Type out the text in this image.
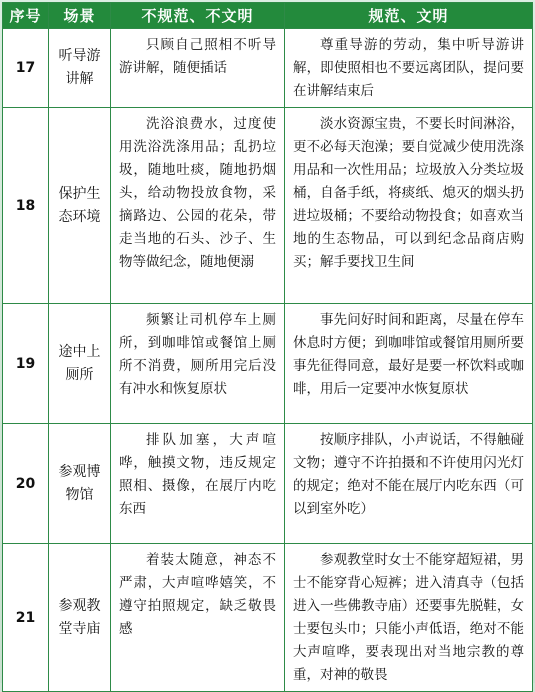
序号	场景	不规范、不文明	规范、文明
17	听导游讲解	只顾自己照相不听导游讲解，随便插话	尊重导游的劳动，集中听导游讲解，即使照相也不要远离团队，提问要在讲解结束后

18	保护生态环境	洗浴浪费水，过度使用洗浴洗涤用品；乱扔垃圾，随地吐痰，随地扔烟头，给动物投放食物，采摘路边、公园的花朵，带走当地的石头、沙子、生物等做纪念，随地便溺	淡水资源宝贵，不要长时间淋浴，更不必每天泡澡；要自觉减少使用洗涤用品和一次性用品；垃圾放入分类垃圾桶，自备手纸，将痰纸、熄灭的烟头扔进垃圾桶；不要给动物投食；如喜欢当地的生态物品，可以到纪念品商店购买；解手要找卫生间

19	途中上厕所	频繁让司机停车上厕所，到咖啡馆或餐馆上厕所不消费，厕所用完后没有冲水和恢复原状	事先问好时间和距离，尽量在停车休息时方便；到咖啡馆或餐馆用厕所要事先征得同意，最好是要一杯饮料或咖啡，用后一定要冲水恢复原状

20	参观博物馆	排队加塞，大声喧哗，触摸文物，违反规定照相、摄像，在展厅内吃东西	按顺序排队，小声说话，不得触碰文物；遵守不许拍摄和不许使用闪光灯的规定；绝对不能在展厅内吃东西（可以到室外吃）

21	参观教堂寺庙	着装太随意，神态不严肃，大声喧哗嬉笑，不遵守拍照规定，缺乏敬畏感	参观教堂时女士不能穿超短裙，男士不能穿背心短裤；进入清真寺（包括进入一些佛教寺庙）还要事先脱鞋，女士要包头巾；只能小声低语，绝对不能大声喧哗，要表现出对当地宗教的尊重，对神的敬畏
